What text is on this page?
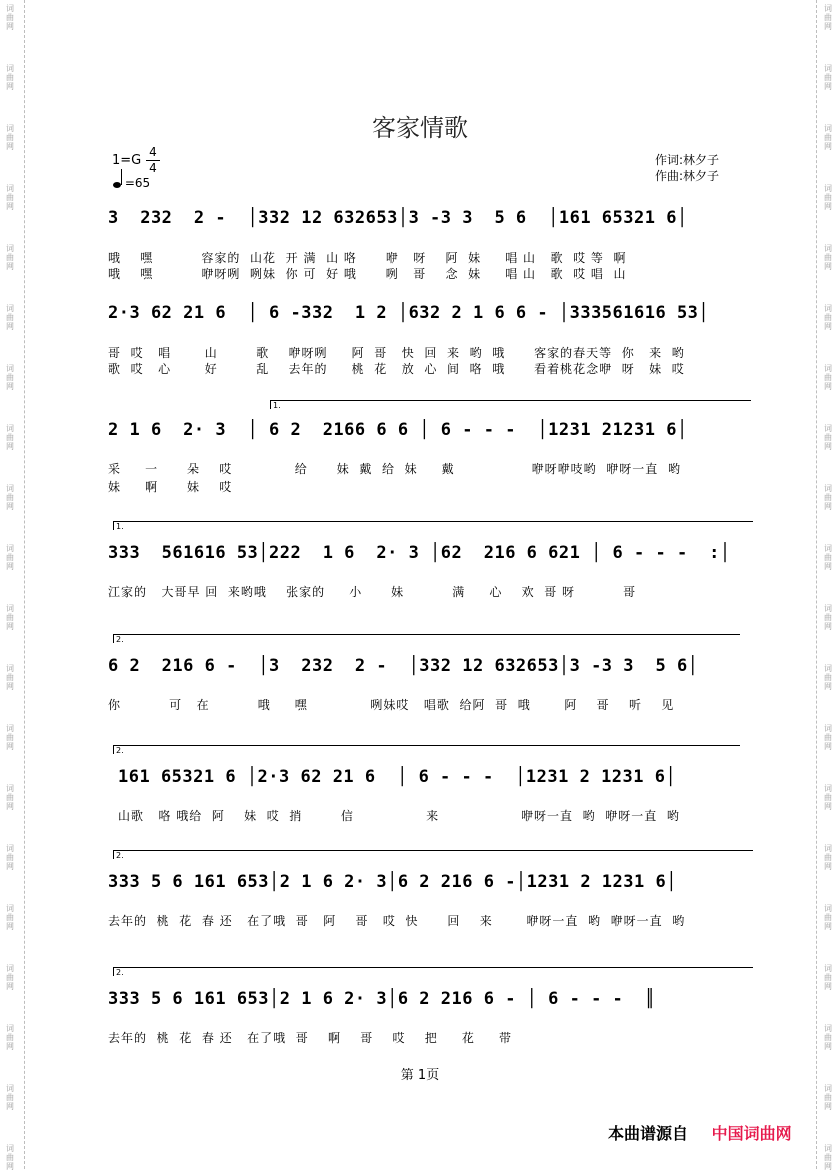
词
曲
网
词
曲
网
词
曲
网
词
曲
网
词
曲
网
词
曲
网
词
曲
网
词
曲
网
词
曲
网
词
曲
网
词
曲
网
词
曲
网
词
曲
网
词
曲
网
词
曲
网
词
曲
网
词
曲
网
词
曲
网
词
曲
网
词
曲
网
词
曲
网
词
曲
网
词
曲
网
词
曲
网
词
曲
网
词
曲
网
词
曲
网
词
曲
网
词
曲
网
词
曲
网
词
曲
网
词
曲
网
词
曲
网
词
曲
网
词
曲
网
词
曲
网
词
曲
网
词
曲
网
词
曲
网
词
曲
网
客家情歌
1=G
4
4
=65
作词:林夕子
作曲:林夕子
3  232  2 -  │332 12 632653│3 -3 3  5 6  │161 65321 6│
哦    嘿          容家的  山花  开 满  山 咯      咿   呀    阿  妹     唱 山   歌  哎 等  啊
哦    嘿          咿呀咧  咧妹  你 可  好 哦      咧   哥    念  妹     唱 山   歌  哎 唱  山
2·3 62 21 6  │ 6 -332  1 2 │632 2 1 6 6 - │333561616 53│
哥  哎   唱       山        歌    咿呀咧     阿  哥   快  回  来  哟  哦      客家的春天等  你   来  哟
歌  哎   心       好        乱    去年的     桃  花   放  心  间  咯  哦      看着桃花念咿  呀   妹  哎
1.
2 1 6  2· 3  │ 6 2  2166 6 6 │ 6 - - -  │1231 21231 6│
采     一      朵    哎             给      妹  戴  给  妹     戴                咿呀咿吱哟  咿呀一直  哟
妹     啊      妹    哎
1.
333  561616 53│222  1 6  2· 3 │62  216 6 621 │ 6 - - -  :│
江家的   大哥早 回  来哟哦    张家的     小      妹          满     心    欢  哥 呀          哥
2.
6 2  216 6 -  │3  232  2 -  │332 12 632653│3 -3 3  5 6│
你          可   在          哦     嘿             咧妹哎   唱歌  给阿  哥  哦       阿    哥    听    见
2.
161 65321 6 │2·3 62 21 6  │ 6 - - -  │1231 2 1231 6│
山歌   咯 哦给  阿    妹  哎  捎        信               来                 咿呀一直  哟  咿呀一直  哟
2.
333 5 6 161 653│2 1 6 2· 3│6 2 216 6 -│1231 2 1231 6│
去年的  桃  花  春 还   在了哦  哥   阿    哥   哎  快      回    来       咿呀一直  哟  咿呀一直  哟
2.
333 5 6 161 653│2 1 6 2· 3│6 2 216 6 - │ 6 - - -  ║
去年的  桃  花  春 还   在了哦  哥    啊    哥    哎    把     花     带
第 1页
本曲谱源自 中国词曲网
